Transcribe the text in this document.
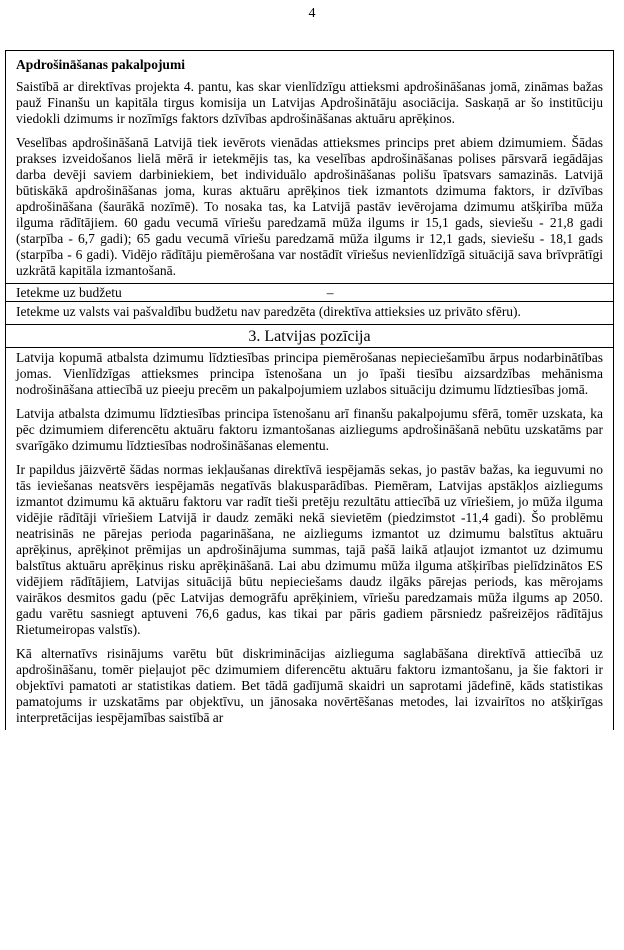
4
Apdrošināšanas pakalpojumi

Saistībā ar direktīvas projekta 4. pantu, kas skar vienlīdzīgu attieksmi apdrošināšanas jomā, zināmas bažas pauž Finanšu un kapitāla tirgus komisija un Latvijas Apdrošinātāju asociācija. Saskaņā ar šo institūciju viedokli dzimums ir nozīmīgs faktors dzīvības apdrošināšanas aktuāru aprēķinos.

Veselības apdrošināšanā Latvijā tiek ievērots vienādas attieksmes princips pret abiem dzimumiem. Šādas prakses izveidošanos lielā mērā ir ietekmējis tas, ka veselības apdrošināšanas polises pārsvarā iegādājas darba devēji saviem darbiniekiem, bet individuālo apdrošināšanas polišu īpatsvars samazinās. Latvijā būtiskākā apdrošināšanas joma, kuras aktuāru aprēķinos tiek izmantots dzimuma faktors, ir dzīvības apdrošināšana (šaurākā nozīmē). To nosaka tas, ka Latvijā pastāv ievērojama dzimumu atšķirība mūža ilguma rādītājiem. 60 gadu vecumā vīriešu paredzamā mūža ilgums ir 15,1 gads, sieviešu - 21,8 gadi (starpība - 6,7 gadi); 65 gadu vecumā vīriešu paredzamā mūža ilgums ir 12,1 gads, sieviešu - 18,1 gads (starpība - 6 gadi). Vidējo rādītāju piemērošana var nostādīt vīriešus nevienlīdzīgā situācijā sava brīvprātīgi uzkrātā kapitāla izmantošanā.

Ietekme uz budžetu	–

Ietekme uz valsts vai pašvaldību budžetu nav paredzēta (direktīva attieksies uz privāto sfēru).

3. Latvijas pozīcija

Latvija kopumā atbalsta dzimumu līdztiesības principa piemērošanas nepieciešamību ārpus nodarbinātības jomas. Vienlīdzīgas attieksmes principa īstenošana un jo īpaši tiesību aizsardzības mehānisma nodrošināšana attiecībā uz pieeju precēm un pakalpojumiem uzlabos situāciju dzimumu līdztiesības jomā.

Latvija atbalsta dzimumu līdztiesības principa īstenošanu arī finanšu pakalpojumu sfērā, tomēr uzskata, ka pēc dzimumiem diferencētu aktuāru faktoru izmantošanas aizliegums apdrošināšanā nebūtu uzskatāms par svarīgāko dzimumu līdztiesības nodrošināšanas elementu.

Ir papildus jāizvērtē šādas normas iekļaušanas direktīvā iespējamās sekas, jo pastāv bažas, ka ieguvumi no tās ieviešanas neatsvērs iespējamās negatīvās blakusparādības. Piemēram, Latvijas apstākļos aizliegums izmantot dzimumu kā aktuāru faktoru var radīt tieši pretēju rezultātu attiecībā uz vīriešiem, jo mūža ilguma vidējie rādītāji vīriešiem Latvijā ir daudz zemāki nekā sievietēm (piedzimstot -11,4 gadi). Šo problēmu neatrisinās ne pārejas perioda pagarināšana, ne aizliegums izmantot uz dzimumu balstītus aktuāru aprēķinus, aprēķinot prēmijas un apdrošinājuma summas, tajā pašā laikā atļaujot izmantot uz dzimumu balstītus aktuāru aprēķinus risku aprēķināšanā. Lai abu dzimumu mūža ilguma atšķirības pielīdzinātos ES vidējiem rādītājiem, Latvijas situācijā būtu nepieciešams daudz ilgāks pārejas periods, kas mērojams vairākos desmitos gadu (pēc Latvijas demogrāfu aprēķiniem, vīriešu paredzamais mūža ilgums ap 2050. gadu varētu sasniegt aptuveni 76,6 gadus, kas tikai par pāris gadiem pārsniedz pašreizējos rādītājus Rietumeiropas valstīs).

Kā alternatīvs risinājums varētu būt diskriminācijas aizlieguma saglabāšana direktīvā attiecībā uz apdrošināšanu, tomēr pieļaujot pēc dzimumiem diferencētu aktuāru faktoru izmantošanu, ja šie faktori ir objektīvi pamatoti ar statistikas datiem. Bet tādā gadījumā skaidri un saprotami jādefinē, kāds statistikas pamatojums ir uzskatāms par objektīvu, un jānosaka novērtēšanas metodes, lai izvairītos no atšķirīgas interpretācijas iespējamības saistībā ar
